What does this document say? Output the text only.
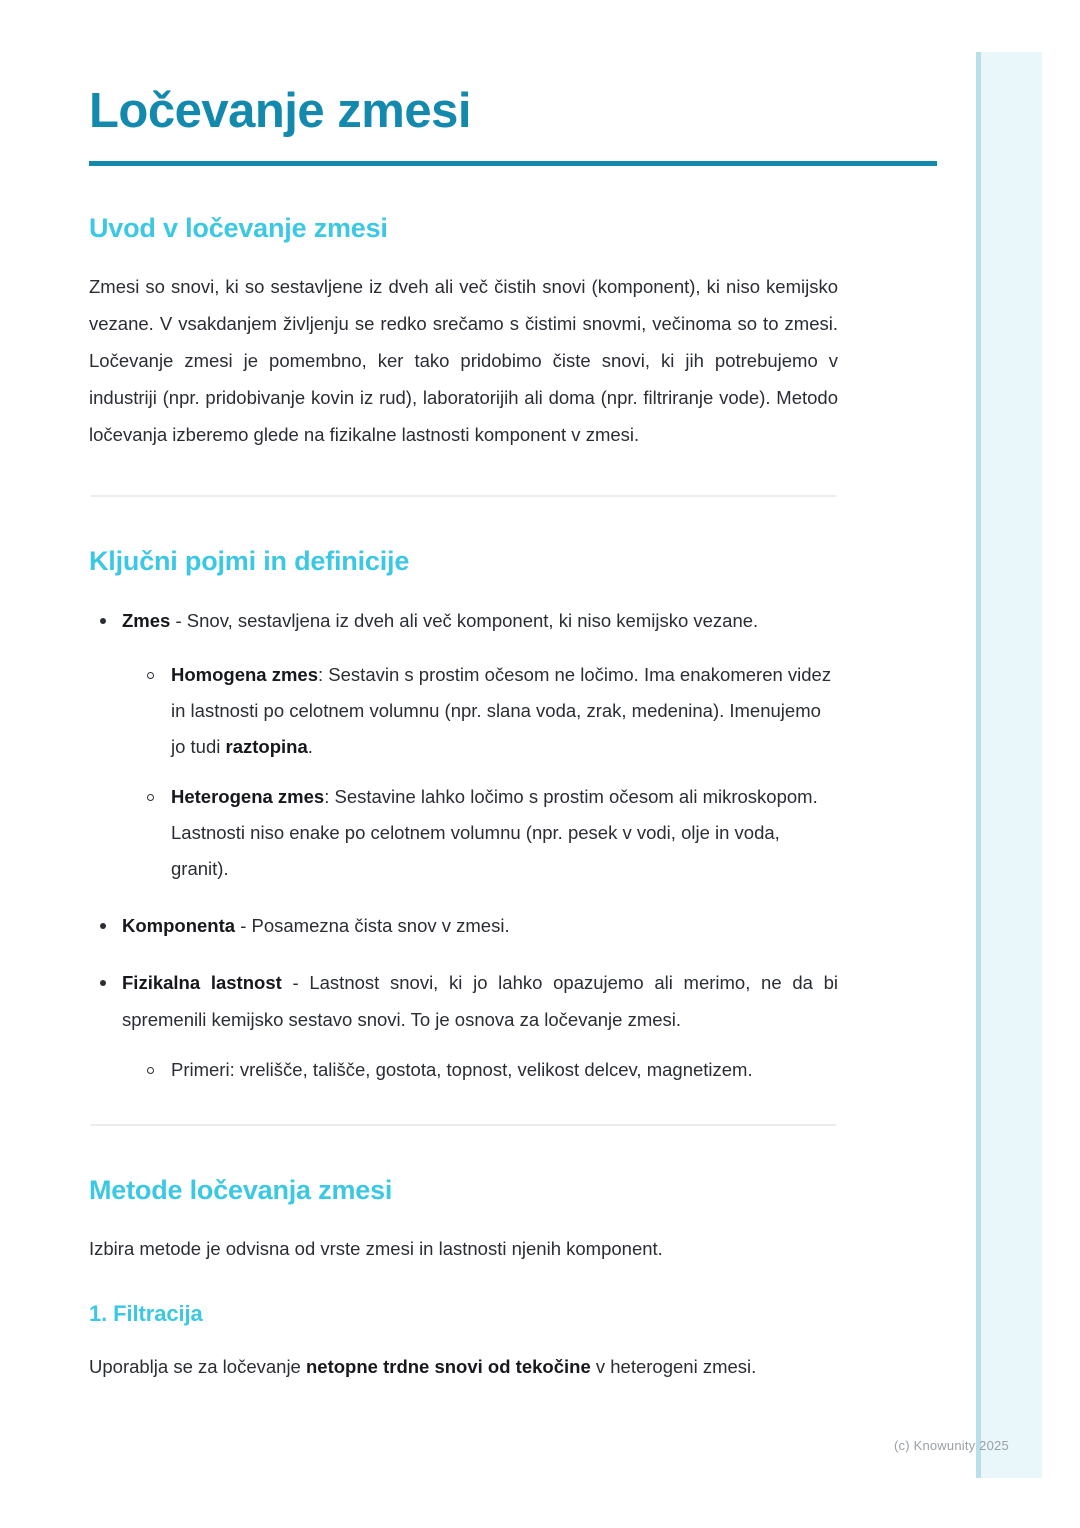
Ločevanje zmesi
Uvod v ločevanje zmesi

Zmesi so snovi, ki so sestavljene iz dveh ali več čistih snovi (komponent), ki niso kemijsko vezane. V vsakdanjem življenju se redko srečamo s čistimi snovmi, večinoma so to zmesi. Ločevanje zmesi je pomembno, ker tako pridobimo čiste snovi, ki jih potrebujemo v industriji (npr. pridobivanje kovin iz rud), laboratorijih ali doma (npr. filtriranje vode). Metodo ločevanja izberemo glede na fizikalne lastnosti komponent v zmesi.

Ključni pojmi in definicije
Zmes - Snov, sestavljena iz dveh ali več komponent, ki niso kemijsko vezane.
Homogena zmes: Sestavin s prostim očesom ne ločimo. Ima enakomeren videz in lastnosti po celotnem volumnu (npr. slana voda, zrak, medenina). Imenujemo jo tudi raztopina.
Heterogena zmes: Sestavine lahko ločimo s prostim očesom ali mikroskopom. Lastnosti niso enake po celotnem volumnu (npr. pesek v vodi, olje in voda, granit).
Komponenta - Posamezna čista snov v zmesi.
Fizikalna lastnost - Lastnost snovi, ki jo lahko opazujemo ali merimo, ne da bi spremenili kemijsko sestavo snovi. To je osnova za ločevanje zmesi.
Primeri: vrelišče, tališče, gostota, topnost, velikost delcev, magnetizem.
Metode ločevanja zmesi

Izbira metode je odvisna od vrste zmesi in lastnosti njenih komponent.

1. Filtracija

Uporablja se za ločevanje netopne trdne snovi od tekočine v heterogeni zmesi.

(c) Knowunity 2025
